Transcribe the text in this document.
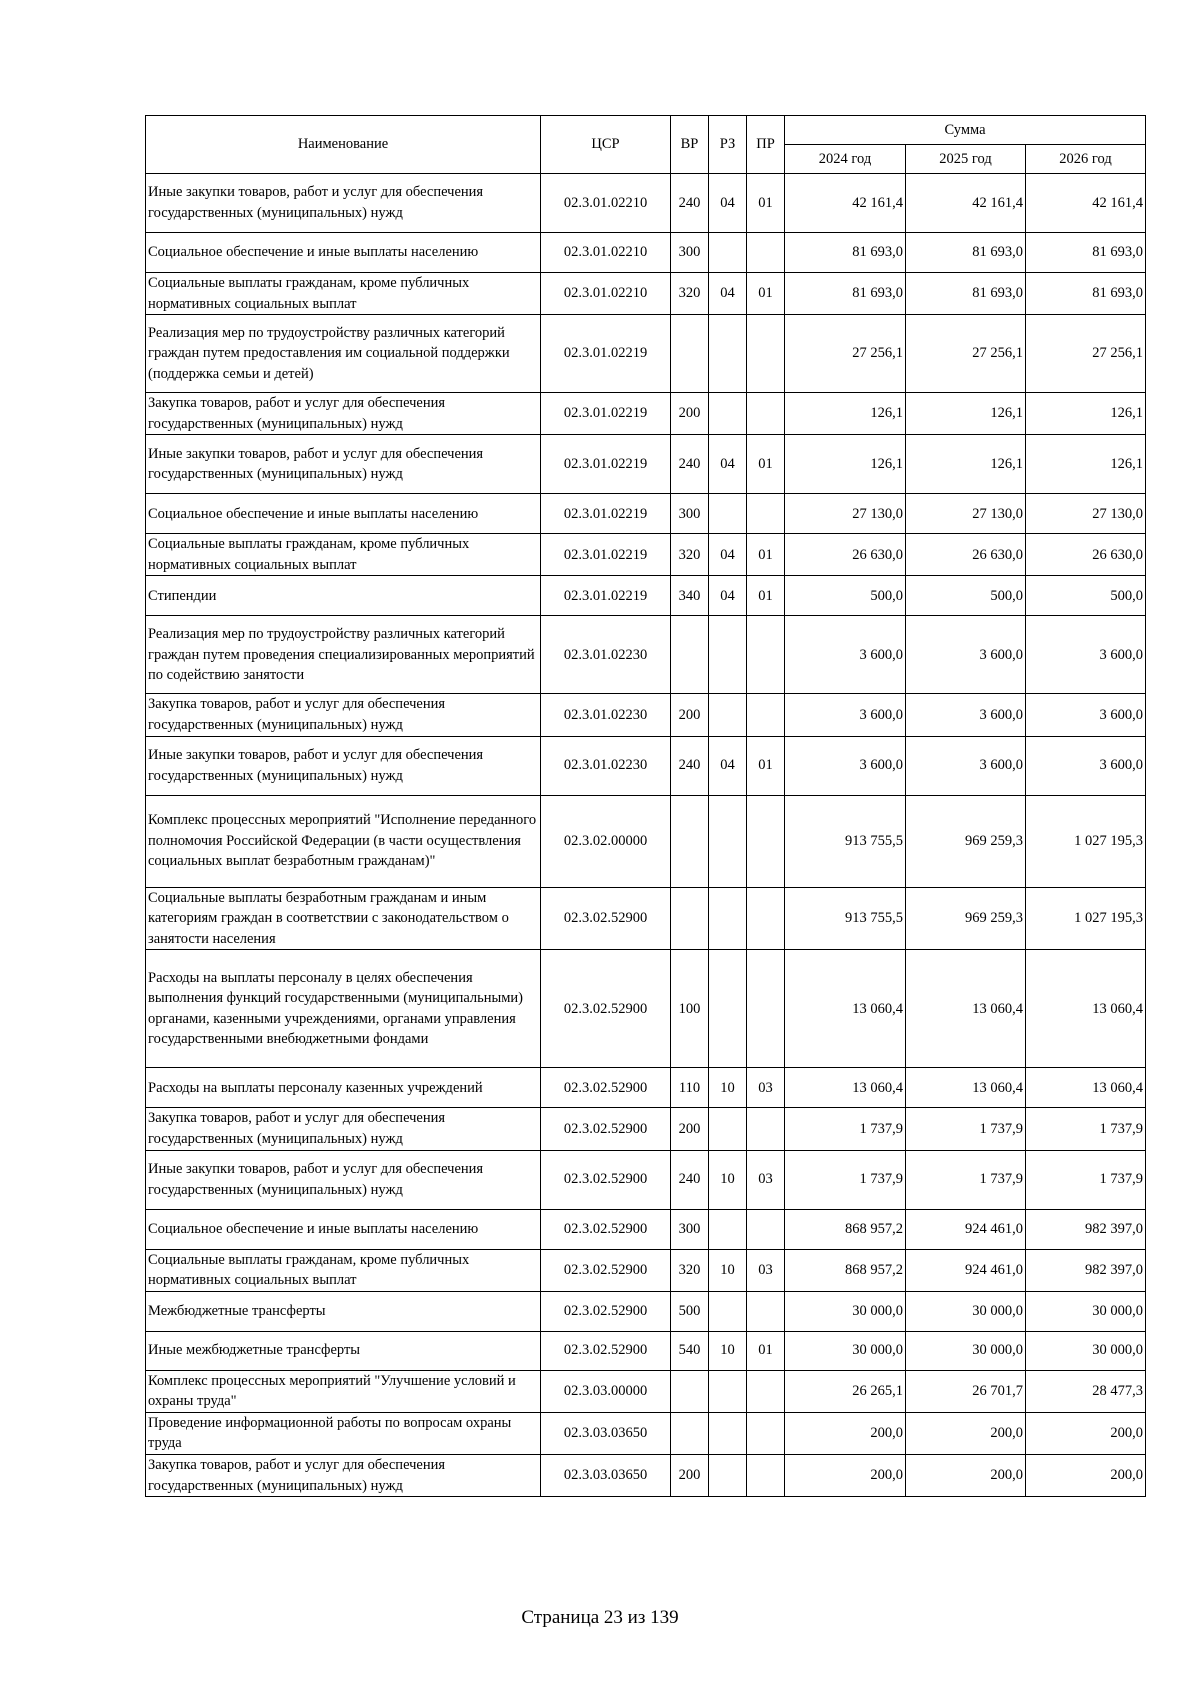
Наименование	ЦСР	ВР	РЗ	ПР	Сумма		
					2024 год	2025 год	2026 год
Иные закупки товаров, работ и услуг для обеспечения государственных (муниципальных) нужд	02.3.01.02210	240	04	01	42 161,4	42 161,4	42 161,4
Социальное обеспечение и иные выплаты населению	02.3.01.02210	300			81 693,0	81 693,0	81 693,0
Социальные выплаты гражданам, кроме публичных нормативных социальных выплат	02.3.01.02210	320	04	01	81 693,0	81 693,0	81 693,0
Реализация мер по трудоустройству различных категорий граждан путем предоставления им социальной поддержки (поддержка семьи и детей)	02.3.01.02219				27 256,1	27 256,1	27 256,1
Закупка товаров, работ и услуг для обеспечения государственных (муниципальных) нужд	02.3.01.02219	200			126,1	126,1	126,1
Иные закупки товаров, работ и услуг для обеспечения государственных (муниципальных) нужд	02.3.01.02219	240	04	01	126,1	126,1	126,1
Социальное обеспечение и иные выплаты населению	02.3.01.02219	300			27 130,0	27 130,0	27 130,0
Социальные выплаты гражданам, кроме публичных нормативных социальных выплат	02.3.01.02219	320	04	01	26 630,0	26 630,0	26 630,0
Стипендии	02.3.01.02219	340	04	01	500,0	500,0	500,0
Реализация мер по трудоустройству различных категорий граждан путем проведения специализированных мероприятий по содействию занятости	02.3.01.02230				3 600,0	3 600,0	3 600,0
Закупка товаров, работ и услуг для обеспечения государственных (муниципальных) нужд	02.3.01.02230	200			3 600,0	3 600,0	3 600,0
Иные закупки товаров, работ и услуг для обеспечения государственных (муниципальных) нужд	02.3.01.02230	240	04	01	3 600,0	3 600,0	3 600,0
Комплекс процессных мероприятий "Исполнение переданного полномочия Российской Федерации (в части осуществления социальных выплат безработным гражданам)"	02.3.02.00000				913 755,5	969 259,3	1 027 195,3
Социальные выплаты безработным гражданам и иным категориям граждан в соответствии с законодательством о занятости населения	02.3.02.52900				913 755,5	969 259,3	1 027 195,3
Расходы на выплаты персоналу в целях обеспечения выполнения функций государственными (муниципальными) органами, казенными учреждениями, органами управления государственными внебюджетными фондами	02.3.02.52900	100			13 060,4	13 060,4	13 060,4
Расходы на выплаты персоналу казенных учреждений	02.3.02.52900	110	10	03	13 060,4	13 060,4	13 060,4
Закупка товаров, работ и услуг для обеспечения государственных (муниципальных) нужд	02.3.02.52900	200			1 737,9	1 737,9	1 737,9
Иные закупки товаров, работ и услуг для обеспечения государственных (муниципальных) нужд	02.3.02.52900	240	10	03	1 737,9	1 737,9	1 737,9
Социальное обеспечение и иные выплаты населению	02.3.02.52900	300			868 957,2	924 461,0	982 397,0
Социальные выплаты гражданам, кроме публичных нормативных социальных выплат	02.3.02.52900	320	10	03	868 957,2	924 461,0	982 397,0
Межбюджетные трансферты	02.3.02.52900	500			30 000,0	30 000,0	30 000,0
Иные межбюджетные трансферты	02.3.02.52900	540	10	01	30 000,0	30 000,0	30 000,0
Комплекс процессных мероприятий "Улучшение условий и охраны труда"	02.3.03.00000				26 265,1	26 701,7	28 477,3
Проведение информационной работы по вопросам охраны труда	02.3.03.03650				200,0	200,0	200,0
Закупка товаров, работ и услуг для обеспечения государственных (муниципальных) нужд	02.3.03.03650	200			200,0	200,0	200,0
Страница 23 из 139
